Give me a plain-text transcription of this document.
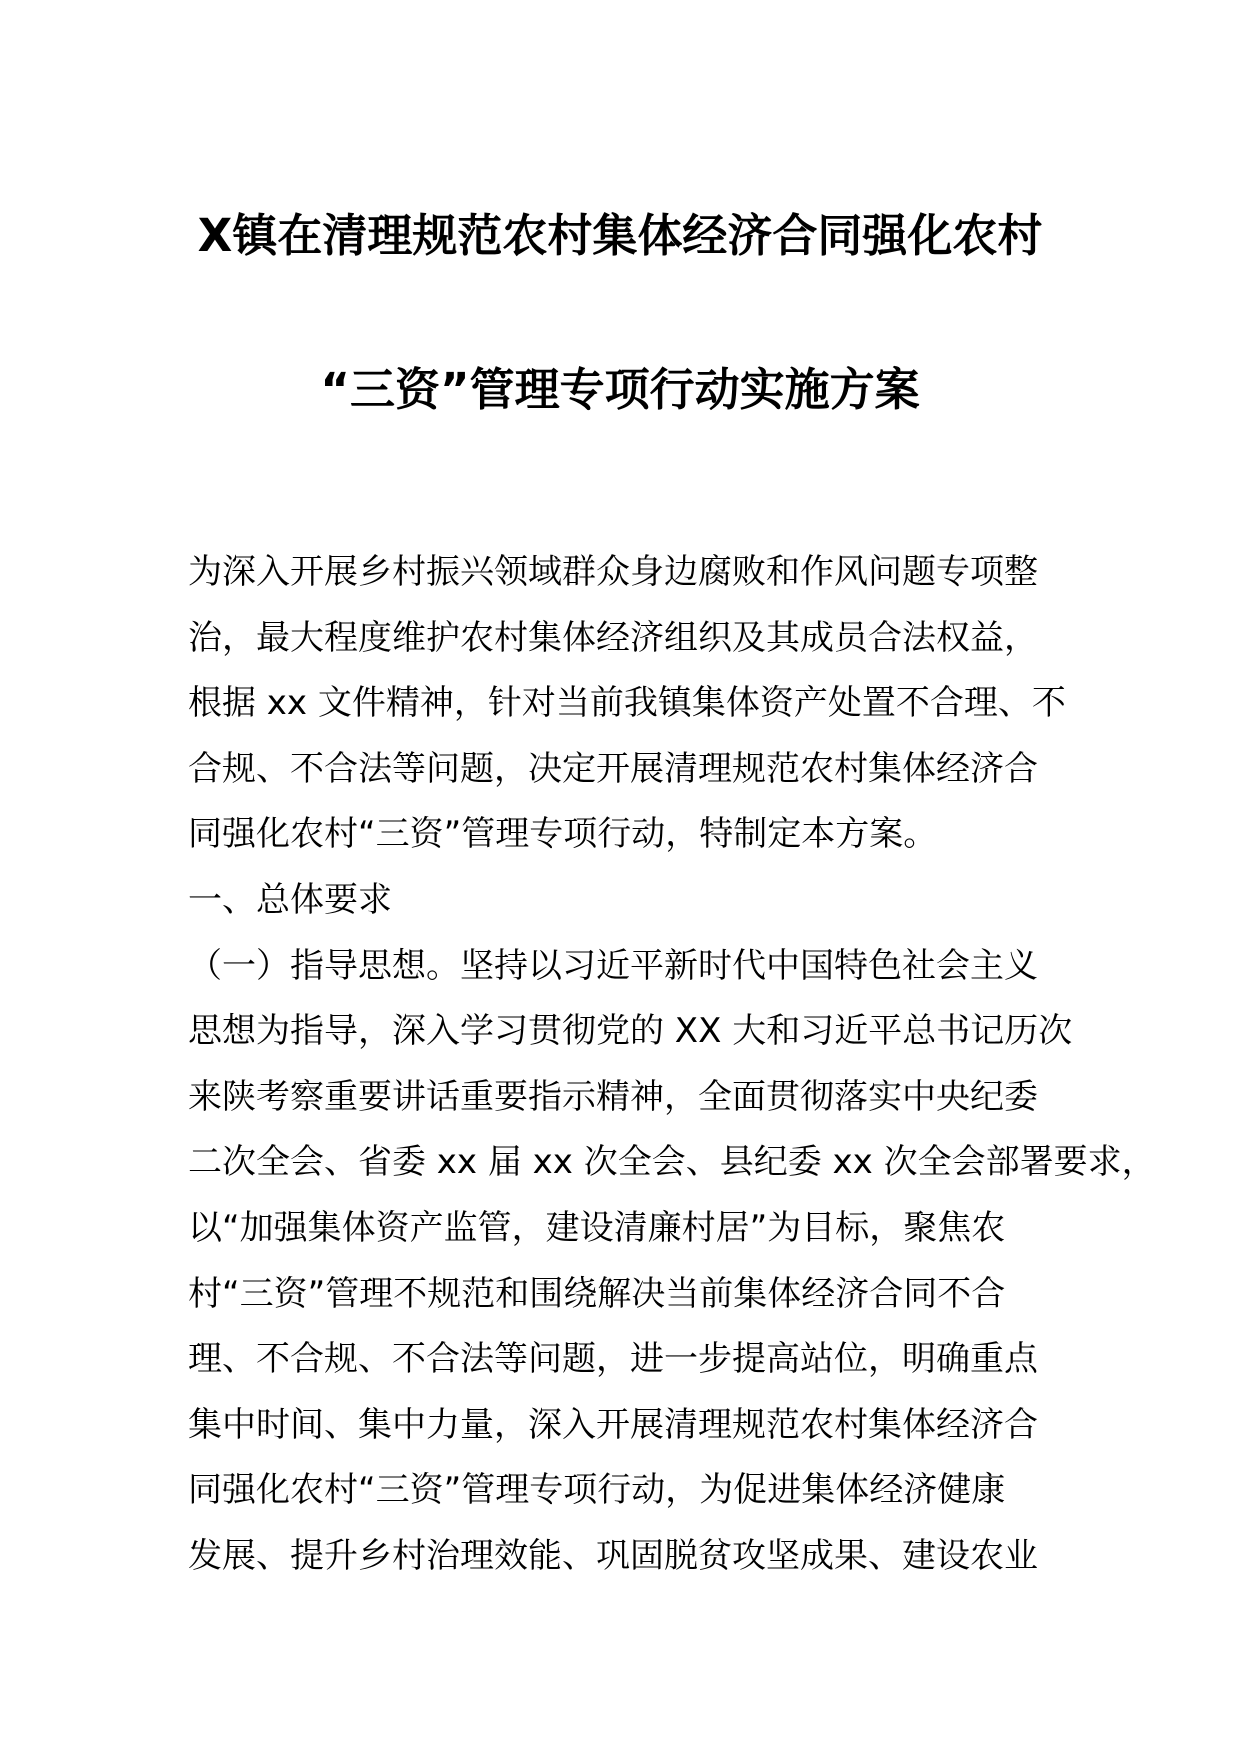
X镇在清理规范农村集体经济合同强化农村
“三资”管理专项行动实施方案
为深入开展乡村振兴领域群众身边腐败和作风问题专项整
治，最大程度维护农村集体经济组织及其成员合法权益，
根据 xx 文件精神，针对当前我镇集体资产处置不合理、不
合规、不合法等问题，决定开展清理规范农村集体经济合
同强化农村“三资”管理专项行动，特制定本方案。
一、总体要求
（一）指导思想。坚持以习近平新时代中国特色社会主义
思想为指导，深入学习贯彻党的 XX 大和习近平总书记历次
来陕考察重要讲话重要指示精神，全面贯彻落实中央纪委
二次全会、省委 xx 届 xx 次全会、县纪委 xx 次全会部署要求，
以“加强集体资产监管，建设清廉村居”为目标，聚焦农
村“三资”管理不规范和围绕解决当前集体经济合同不合
理、不合规、不合法等问题，进一步提高站位，明确重点
集中时间、集中力量，深入开展清理规范农村集体经济合
同强化农村“三资”管理专项行动，为促进集体经济健康
发展、提升乡村治理效能、巩固脱贫攻坚成果、建设农业
